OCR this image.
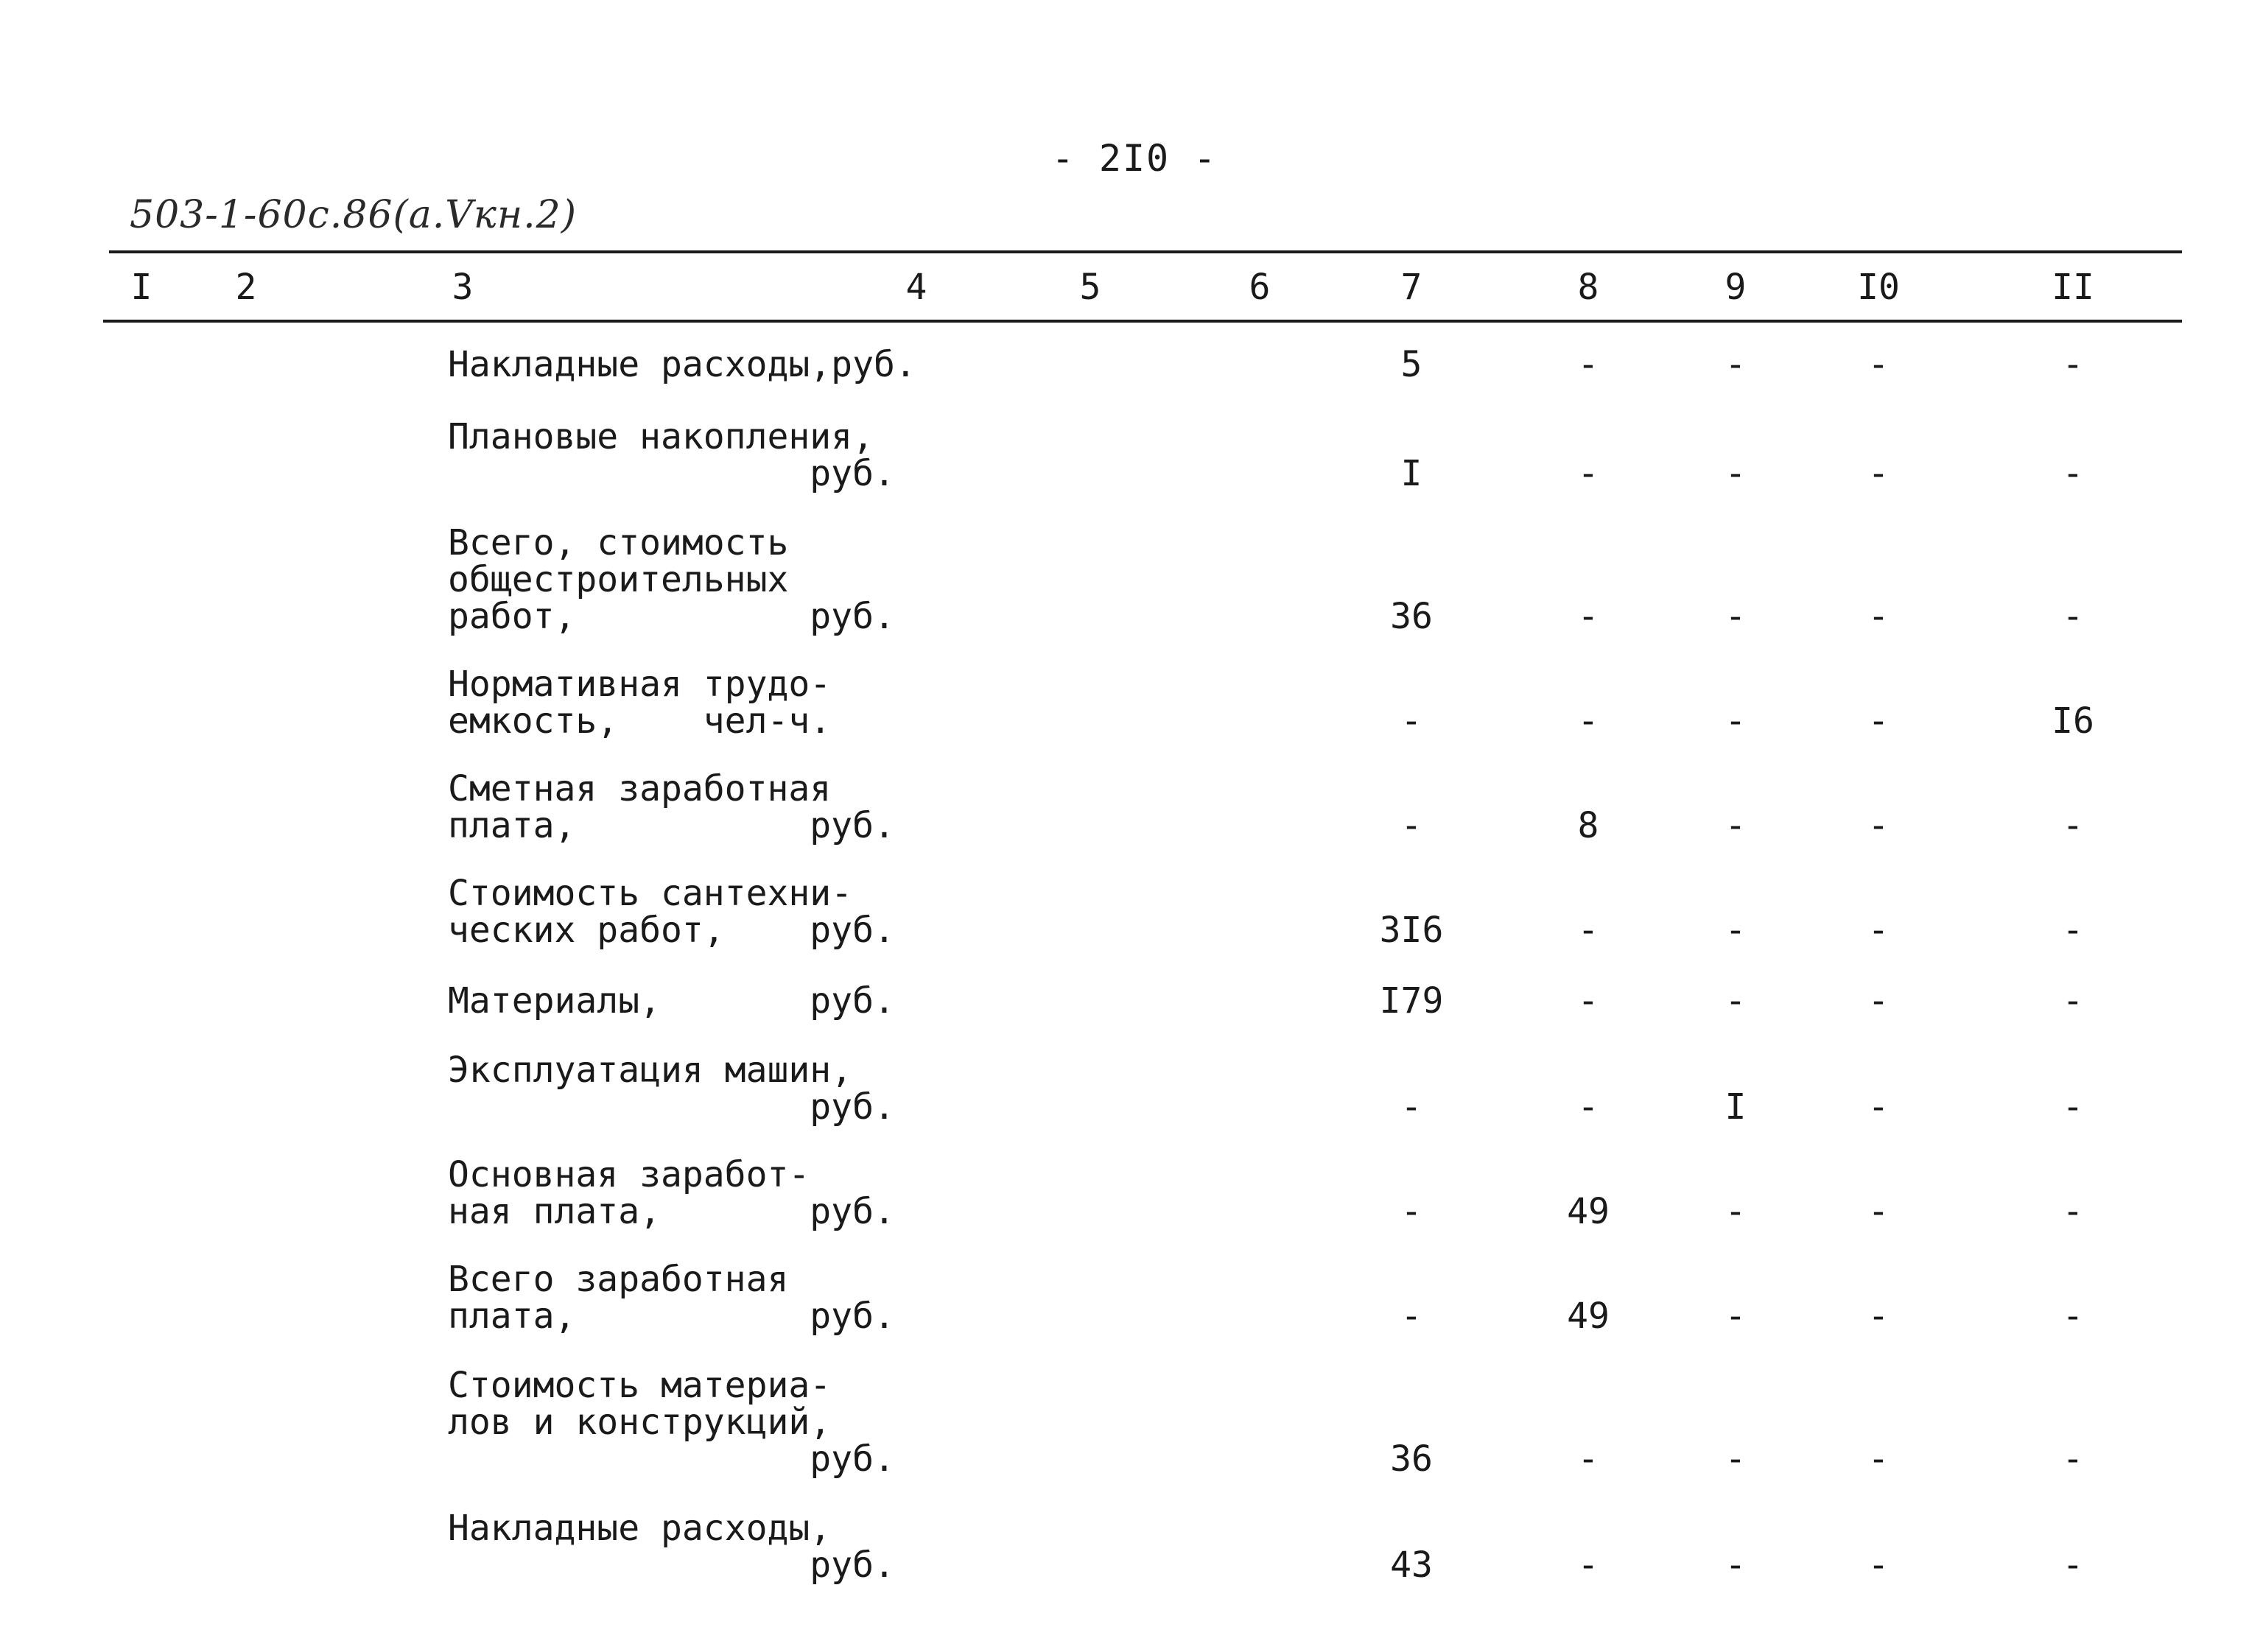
- 2I0 -
503-1-60с.86(а.Vкн.2)
I	2	3	4	5	6	7	8	9	I0	II
Накладные расходы,руб.	5	-	-	-	-
Плановые накопления,
руб.	I	-	-	-	-
Всего, стоимость
общестроительных
работ,           руб.	36	-	-	-	-
Нормативная трудо-
емкость,    чел-ч.	-	-	-	-	I6
Сметная заработная
плата,           руб.	-	8	-	-	-
Стоимость сантехни-
ческих работ,    руб.	3I6	-	-	-	-
Материалы,       руб.	I79	-	-	-	-
Эксплуатация машин,
руб.	-	-	I	-	-
Основная заработ-
ная плата,       руб.	-	49	-	-	-
Всего заработная
плата,           руб.	-	49	-	-	-
Стоимость материа-
лов и конструкций,
руб.	36	-	-	-	-
Накладные расходы,
руб.	43	-	-	-	-
